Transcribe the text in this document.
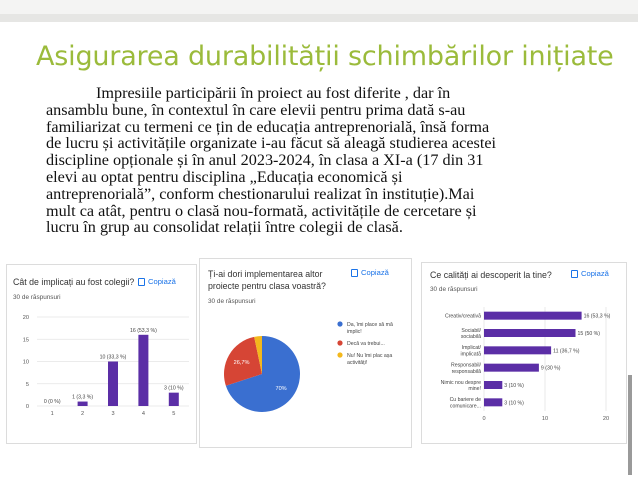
Asigurarea durabilității schimbărilor inițiate
Impresiile participării în proiect au fost diferite , dar în
ansamblu bune, în contextul în care elevii pentru prima dată s-au
familiarizat cu termeni ce țin de educația antreprenorială, însă forma
de lucru și activitățile organizate i-au făcut să aleagă studierea acestei
discipline opționale și în anul 2023-2024, în clasa a XI-a (17 din 31
elevi au optat pentru disciplina „Educația economică și
antreprenorială”, conform chestionarului realizat în instituție).Mai
mult ca atât, pentru o clasă nou-formată, activitățile de cercetare și
lucru în grup au consolidat relații între colegii de clasă.
Cât de implicați au fost colegii?
30 de răspunsuri
Copiază
0
5
10
15
20
0 (0 %)
1
1 (3,3 %)
2
10 (33,3 %)
3
16 (53,3 %)
4
3 (10 %)
5
Ți-ai dori implementarea altor
proiecte pentru clasa voastră?
30 de răspunsuri
Copiază
70%
26,7%
Da, îmi place să mă
implic!
Decă va trebui...
Nu! Nu îmi plac așa
activități!
Ce calități ai descoperit la tine?
30 de răspunsuri
Copiază
0	10	20
16 (53,3 %)
Creativ/creativă
15 (50 %)
Sociabil/
sociabilă
11 (36,7 %)
Implicat/
implicată
9 (30 %)
Responsabil/
responsabilă
3 (10 %)
Nimic nou despre
mine!
3 (10 %)
Cu bariere de
comunicare...
